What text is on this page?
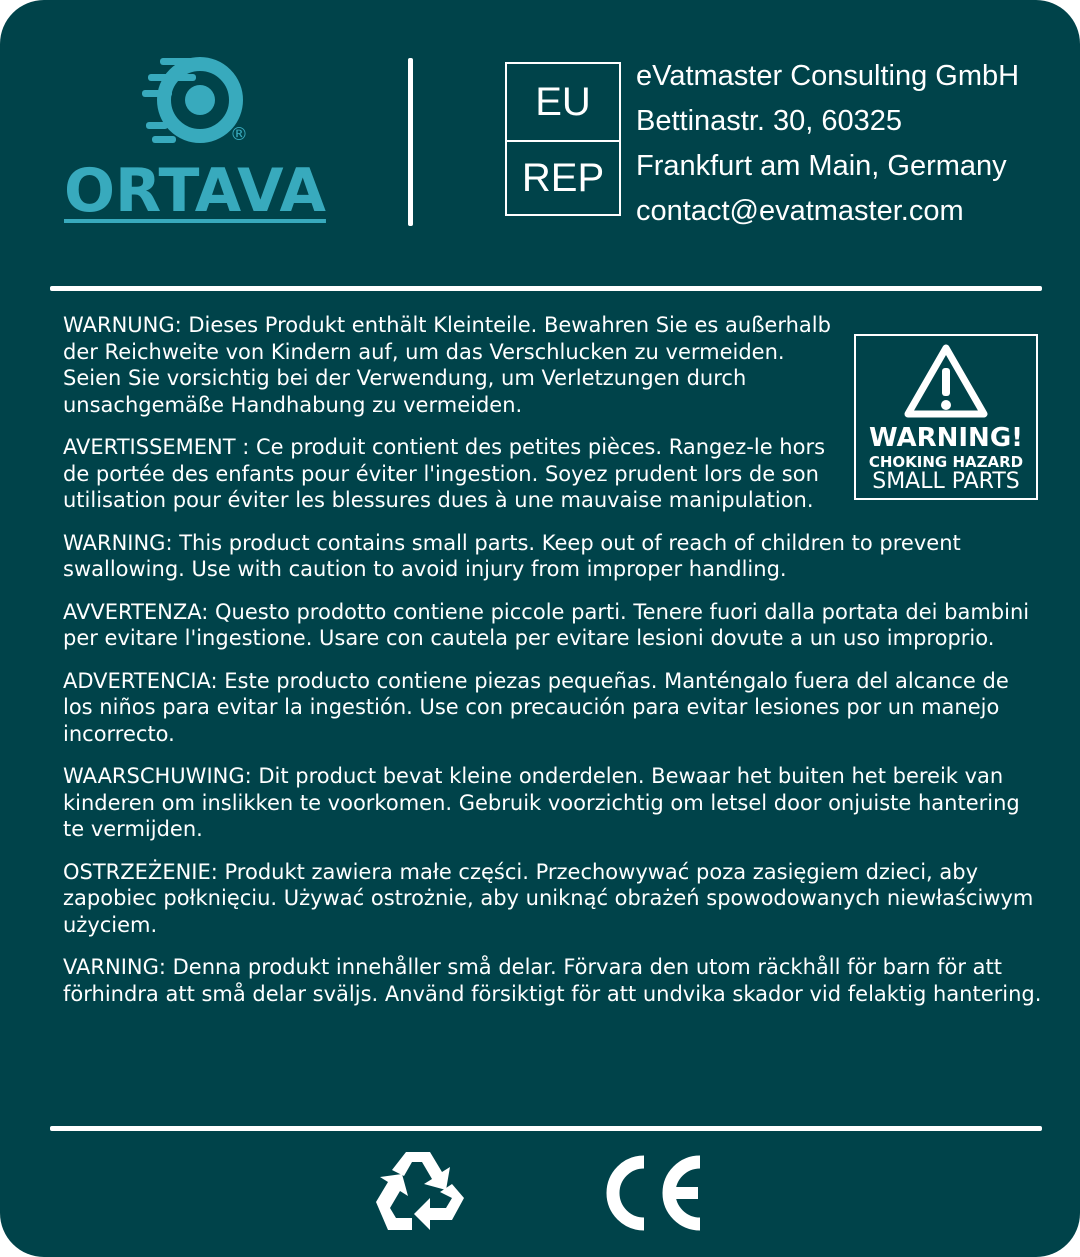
®
ORTAVA
EU
REP
eVatmaster Consulting GmbH
Bettinastr. 30, 60325
Frankfurt am Main, Germany
contact@evatmaster.com
WARNING!
CHOKING HAZARD
SMALL PARTS

WARNUNG: Dieses Produkt enthält Kleinteile. Bewahren Sie es außerhalb der Reichweite von Kindern auf, um das Verschlucken zu vermeiden. Seien Sie vorsichtig bei der Verwendung, um Verletzungen durch unsachgemäße Handhabung zu vermeiden.

AVERTISSEMENT : Ce produit contient des petites pièces. Rangez-le hors de portée des enfants pour éviter l'ingestion. Soyez prudent lors de son utilisation pour éviter les blessures dues à une mauvaise manipulation.

WARNING: This product contains small parts. Keep out of reach of children to prevent swallowing. Use with caution to avoid injury from improper handling.

AVVERTENZA: Questo prodotto contiene piccole parti. Tenere fuori dalla portata dei bambini per evitare l'ingestione. Usare con cautela per evitare lesioni dovute a un uso improprio.

ADVERTENCIA: Este producto contiene piezas pequeñas. Manténgalo fuera del alcance de los niños para evitar la ingestión. Use con precaución para evitar lesiones por un manejo incorrecto.

WAARSCHUWING: Dit product bevat kleine onderdelen. Bewaar het buiten het bereik van kinderen om inslikken te voorkomen. Gebruik voorzichtig om letsel door onjuiste hantering te vermijden.

OSTRZEŻENIE: Produkt zawiera małe części. Przechowywać poza zasięgiem dzieci, aby zapobiec połknięciu. Używać ostrożnie, aby uniknąć obrażeń spowodowanych niewłaściwym użyciem.

VARNING: Denna produkt innehåller små delar. Förvara den utom räckhåll för barn för att förhindra att små delar sväljs. Använd försiktigt för att undvika skador vid felaktig hantering.
